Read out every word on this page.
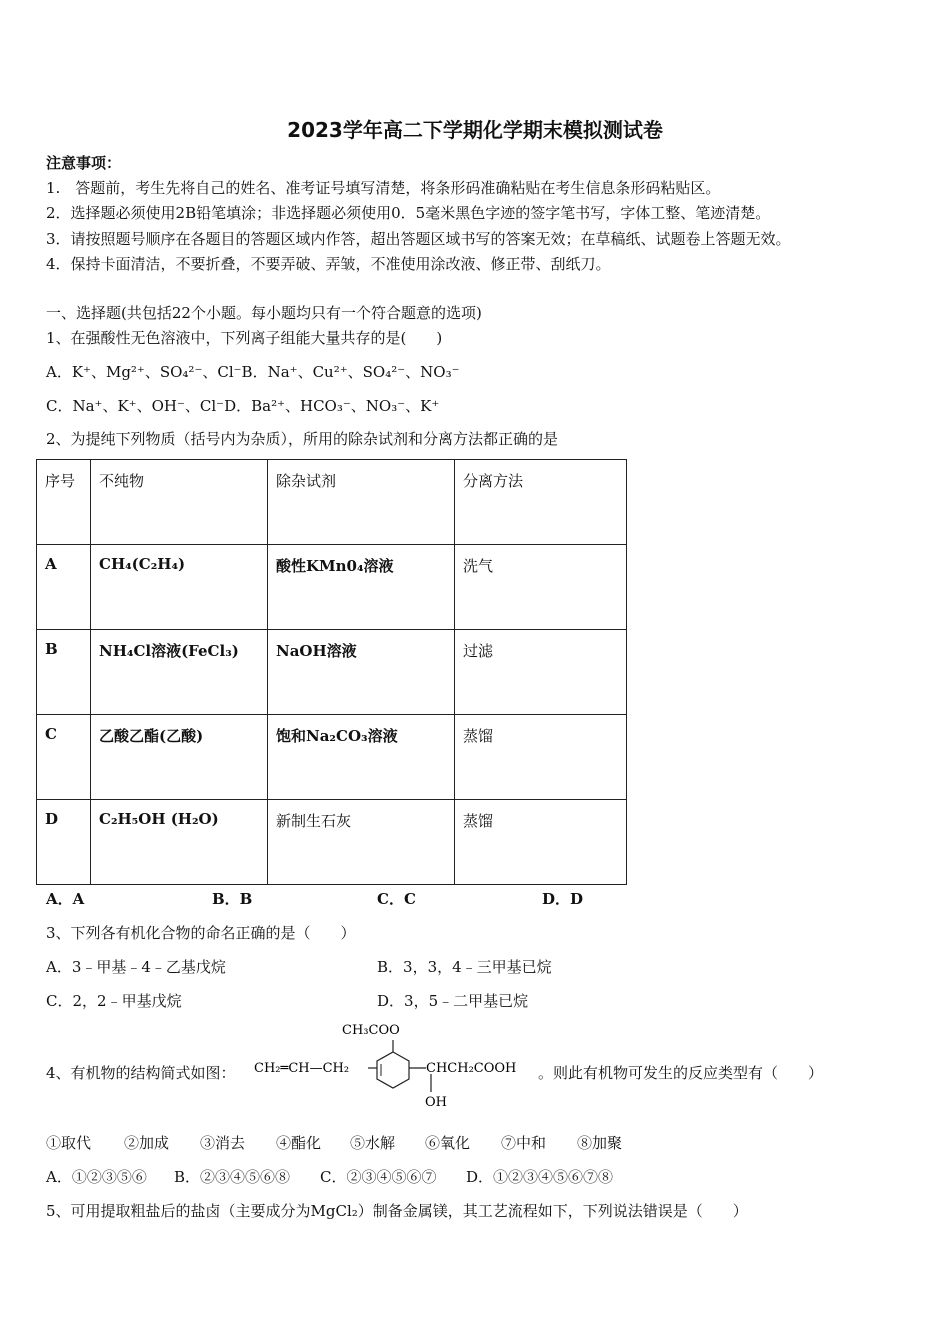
2023学年高二下学期化学期末模拟测试卷
注意事项：
1.　答题前，考生先将自己的姓名、准考证号填写清楚，将条形码准确粘贴在考生信息条形码粘贴区。
2．选择题必须使用2B铅笔填涂；非选择题必须使用0．5毫米黑色字迹的签字笔书写，字体工整、笔迹清楚。
3．请按照题号顺序在各题目的答题区域内作答，超出答题区域书写的答案无效；在草稿纸、试题卷上答题无效。
4．保持卡面清洁，不要折叠，不要弄破、弄皱，不准使用涂改液、修正带、刮纸刀。
一、选择题(共包括22个小题。每小题均只有一个符合题意的选项)
1、在强酸性无色溶液中，下列离子组能大量共存的是(　　)
A．K⁺、Mg²⁺、SO₄²⁻、Cl⁻B．Na⁺、Cu²⁺、SO₄²⁻、NO₃⁻
C．Na⁺、K⁺、OH⁻、Cl⁻D．Ba²⁺、HCO₃⁻、NO₃⁻、K⁺
2、为提纯下列物质（括号内为杂质），所用的除杂试剂和分离方法都正确的是
序号	不纯物	除杂试剂	分离方法
A	CH₄(C₂H₄)	酸性KMn0₄溶液	洗气
B	NH₄Cl溶液(FeCl₃)	NaOH溶液	过滤
C	乙酸乙酯(乙酸)	饱和Na₂CO₃溶液	蒸馏
D	C₂H₅OH (H₂O)	新制生石灰	蒸馏
A．A	B．B	C．C	D．D
3、下列各有机化合物的命名正确的是（　　）
A．3﹣甲基﹣4﹣乙基戊烷	B．3，3，4﹣三甲基已烷
C．2，2﹣甲基戊烷	D．3，5﹣二甲基已烷
4、有机物的结构简式如图：
CH₃COO
CH₂═CH—CH₂	CHCH₂COOH
OH
。则此有机物可发生的反应类型有（　　）
①取代 ②加成 ③消去 ④酯化 ⑤水解 ⑥氧化 ⑦中和 ⑧加聚
A．①②③⑤⑥ B．②③④⑤⑥⑧ C．②③④⑤⑥⑦ D．①②③④⑤⑥⑦⑧
5、可用提取粗盐后的盐卤（主要成分为MgCl₂）制备金属镁，其工艺流程如下，下列说法错误是（　　）
